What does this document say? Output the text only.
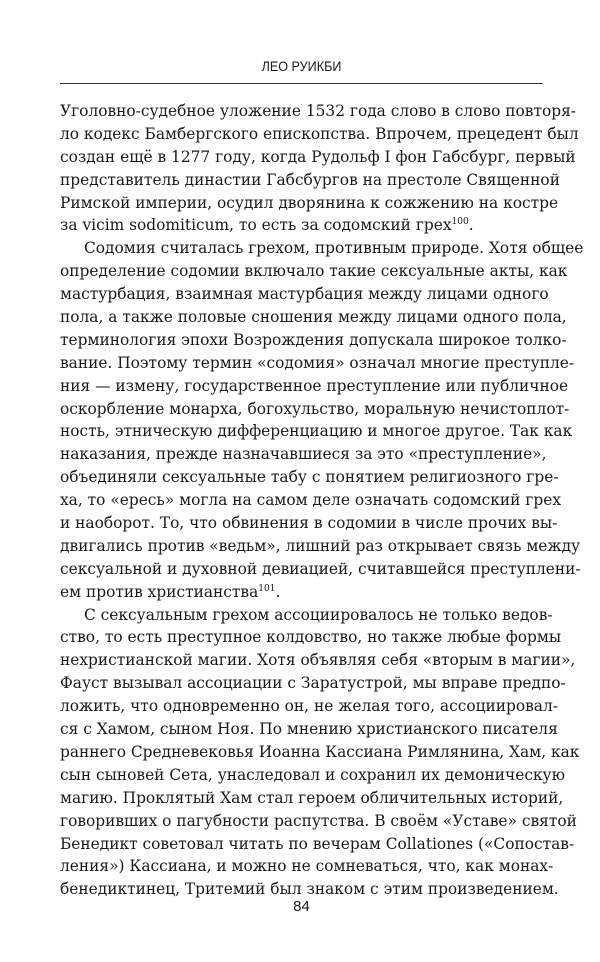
ЛЕО РУИКБИ
Уголовно-судебное уложение 1532 года слово в слово повторя-
ло кодекс Бамбергского епископства. Впрочем, прецедент был
создан ещё в 1277 году, когда Рудольф I фон Габсбург, первый
представитель династии Габсбургов на престоле Священной
Римской империи, осудил дворянина к сожжению на костре
за vicim sodomiticum, то есть за содомский грех$^{100}$.
Содомия считалась грехом, противным природе. Хотя общее
определение содомии включало такие сексуальные акты, как
мастурбация, взаимная мастурбация между лицами одного
пола, а также половые сношения между лицами одного пола,
терминология эпохи Возрождения допускала широкое толко-
вание. Поэтому термин «содомия» означал многие преступле-
ния — измену, государственное преступление или публичное
оскорбление монарха, богохульство, моральную нечистоплот-
ность, этническую дифференциацию и многое другое. Так как
наказания, прежде назначавшиеся за это «преступление»,
объединяли сексуальные табу с понятием религиозного гре-
ха, то «ересь» могла на самом деле означать содомский грех
и наоборот. То, что обвинения в содомии в числе прочих вы-
двигались против «ведьм», лишний раз открывает связь между
сексуальной и духовной девиацией, считавшейся преступлени-
ем против христианства$^{101}$.
С сексуальным грехом ассоциировалось не только ведов-
ство, то есть преступное колдовство, но также любые формы
нехристианской магии. Хотя объявляя себя «вторым в магии»,
Фауст вызывал ассоциации с Заратустрой, мы вправе предпо-
ложить, что одновременно он, не желая того, ассоциировал-
ся с Хамом, сыном Ноя. По мнению христианского писателя
раннего Средневековья Иоанна Кассиана Римлянина, Хам, как
сын сыновей Сета, унаследовал и сохранил их демоническую
магию. Проклятый Хам стал героем обличительных историй,
говоривших о пагубности распутства. В своём «Уставе» святой
Бенедикт советовал читать по вечерам Collationes («Сопостав-
ления») Кассиана, и можно не сомневаться, что, как монах-
бенедиктинец, Тритемий был знаком с этим произведением.
84
